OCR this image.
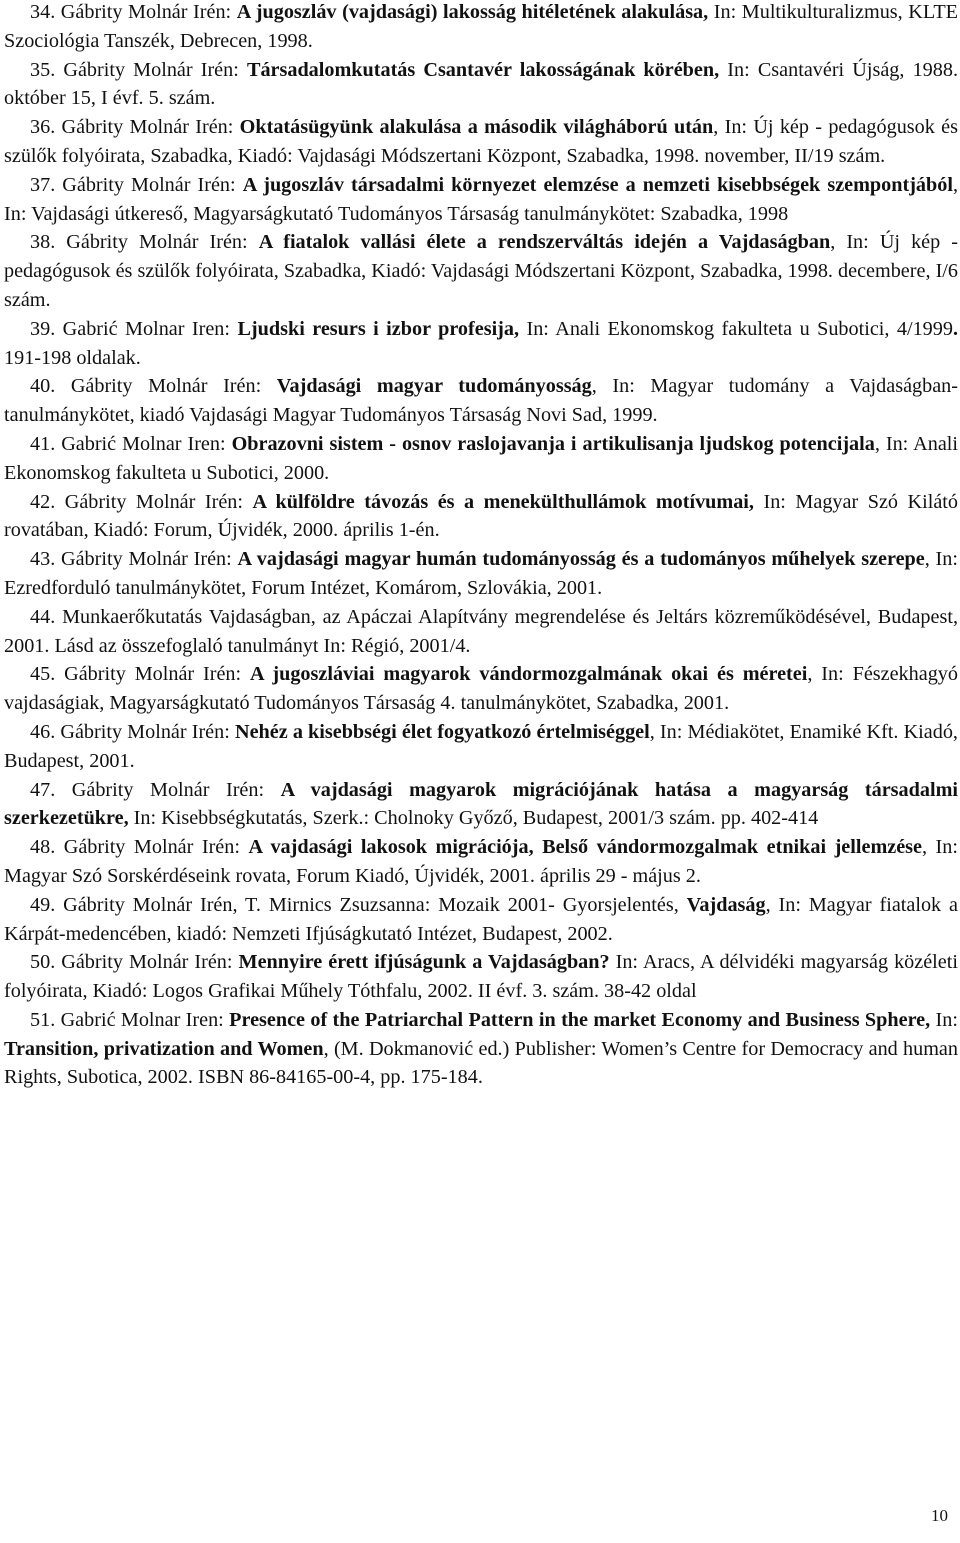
34. Gábrity Molnár Irén: A jugoszláv (vajdasági) lakosság hitéletének alakulása, In: Multikulturalizmus, KLTE Szociológia Tanszék, Debrecen, 1998.

35. Gábrity Molnár Irén: Társadalomkutatás Csantavér lakosságának körében, In: Csantavéri Újság, 1988. október 15, I évf. 5. szám.

36. Gábrity Molnár Irén: Oktatásügyünk alakulása a második világháború után, In: Új kép - pedagógusok és szülők folyóirata, Szabadka, Kiadó: Vajdasági Módszertani Központ, Szabadka, 1998. november, II/19 szám.

37. Gábrity Molnár Irén: A jugoszláv társadalmi környezet elemzése a nemzeti kisebbségek szempontjából, In: Vajdasági útkereső, Magyarságkutató Tudományos Társaság tanulmánykötet: Szabadka, 1998

38. Gábrity Molnár Irén: A fiatalok vallási élete a rendszerváltás idején a Vajdaságban, In: Új kép - pedagógusok és szülők folyóirata, Szabadka, Kiadó: Vajdasági Módszertani Központ, Szabadka, 1998. decembere, I/6 szám.

39. Gabrić Molnar Iren: Ljudski resurs i izbor profesija, In: Anali Ekonomskog fakulteta u Subotici, 4/1999. 191-198 oldalak.

40. Gábrity Molnár Irén: Vajdasági magyar tudományosság, In: Magyar tudomány a Vajdaságban- tanulmánykötet, kiadó Vajdasági Magyar Tudományos Társaság Novi Sad, 1999.

41. Gabrić Molnar Iren: Obrazovni sistem - osnov raslojavanja i artikulisanja ljudskog potencijala, In: Anali Ekonomskog fakulteta u Subotici, 2000.

42. Gábrity Molnár Irén: A külföldre távozás és a menekülthullámok motívumai, In: Magyar Szó Kilátó rovatában, Kiadó: Forum, Újvidék, 2000. április 1-én.

43. Gábrity Molnár Irén: A vajdasági magyar humán tudományosság és a tudományos műhelyek szerepe, In: Ezredforduló tanulmánykötet, Forum Intézet, Komárom, Szlovákia, 2001.

44. Munkaerőkutatás Vajdaságban, az Apáczai Alapítvány megrendelése és Jeltárs közreműködésével, Budapest, 2001. Lásd az összefoglaló tanulmányt In: Régió, 2001/4.

45. Gábrity Molnár Irén: A jugoszláviai magyarok vándormozgalmának okai és méretei, In: Fészekhagyó vajdaságiak, Magyarságkutató Tudományos Társaság 4. tanulmánykötet, Szabadka, 2001.

46. Gábrity Molnár Irén: Nehéz a kisebbségi élet fogyatkozó értelmiséggel, In: Médiakötet, Enamiké Kft. Kiadó, Budapest, 2001.

47. Gábrity Molnár Irén: A vajdasági magyarok migrációjának hatása a magyarság társadalmi szerkezetükre, In: Kisebbségkutatás, Szerk.: Cholnoky Győző, Budapest, 2001/3 szám. pp. 402-414

48. Gábrity Molnár Irén: A vajdasági lakosok migrációja, Belső vándormozgalmak etnikai jellemzése, In: Magyar Szó Sorskérdéseink rovata, Forum Kiadó, Újvidék, 2001. április 29 - május 2.

49. Gábrity Molnár Irén, T. Mirnics Zsuzsanna: Mozaik 2001- Gyorsjelentés, Vajdaság, In: Magyar fiatalok a Kárpát-medencében, kiadó: Nemzeti Ifjúságkutató Intézet, Budapest, 2002.

50. Gábrity Molnár Irén: Mennyire érett ifjúságunk a Vajdaságban? In: Aracs, A délvidéki magyarság közéleti folyóirata, Kiadó: Logos Grafikai Műhely Tóthfalu, 2002. II évf. 3. szám. 38-42 oldal

51. Gabrić Molnar Iren: Presence of the Patriarchal Pattern in the market Economy and Business Sphere, In: Transition, privatization and Women, (M. Dokmanović ed.) Publisher: Women’s Centre for Democracy and human Rights, Subotica, 2002. ISBN 86-84165-00-4, pp. 175-184.

10
